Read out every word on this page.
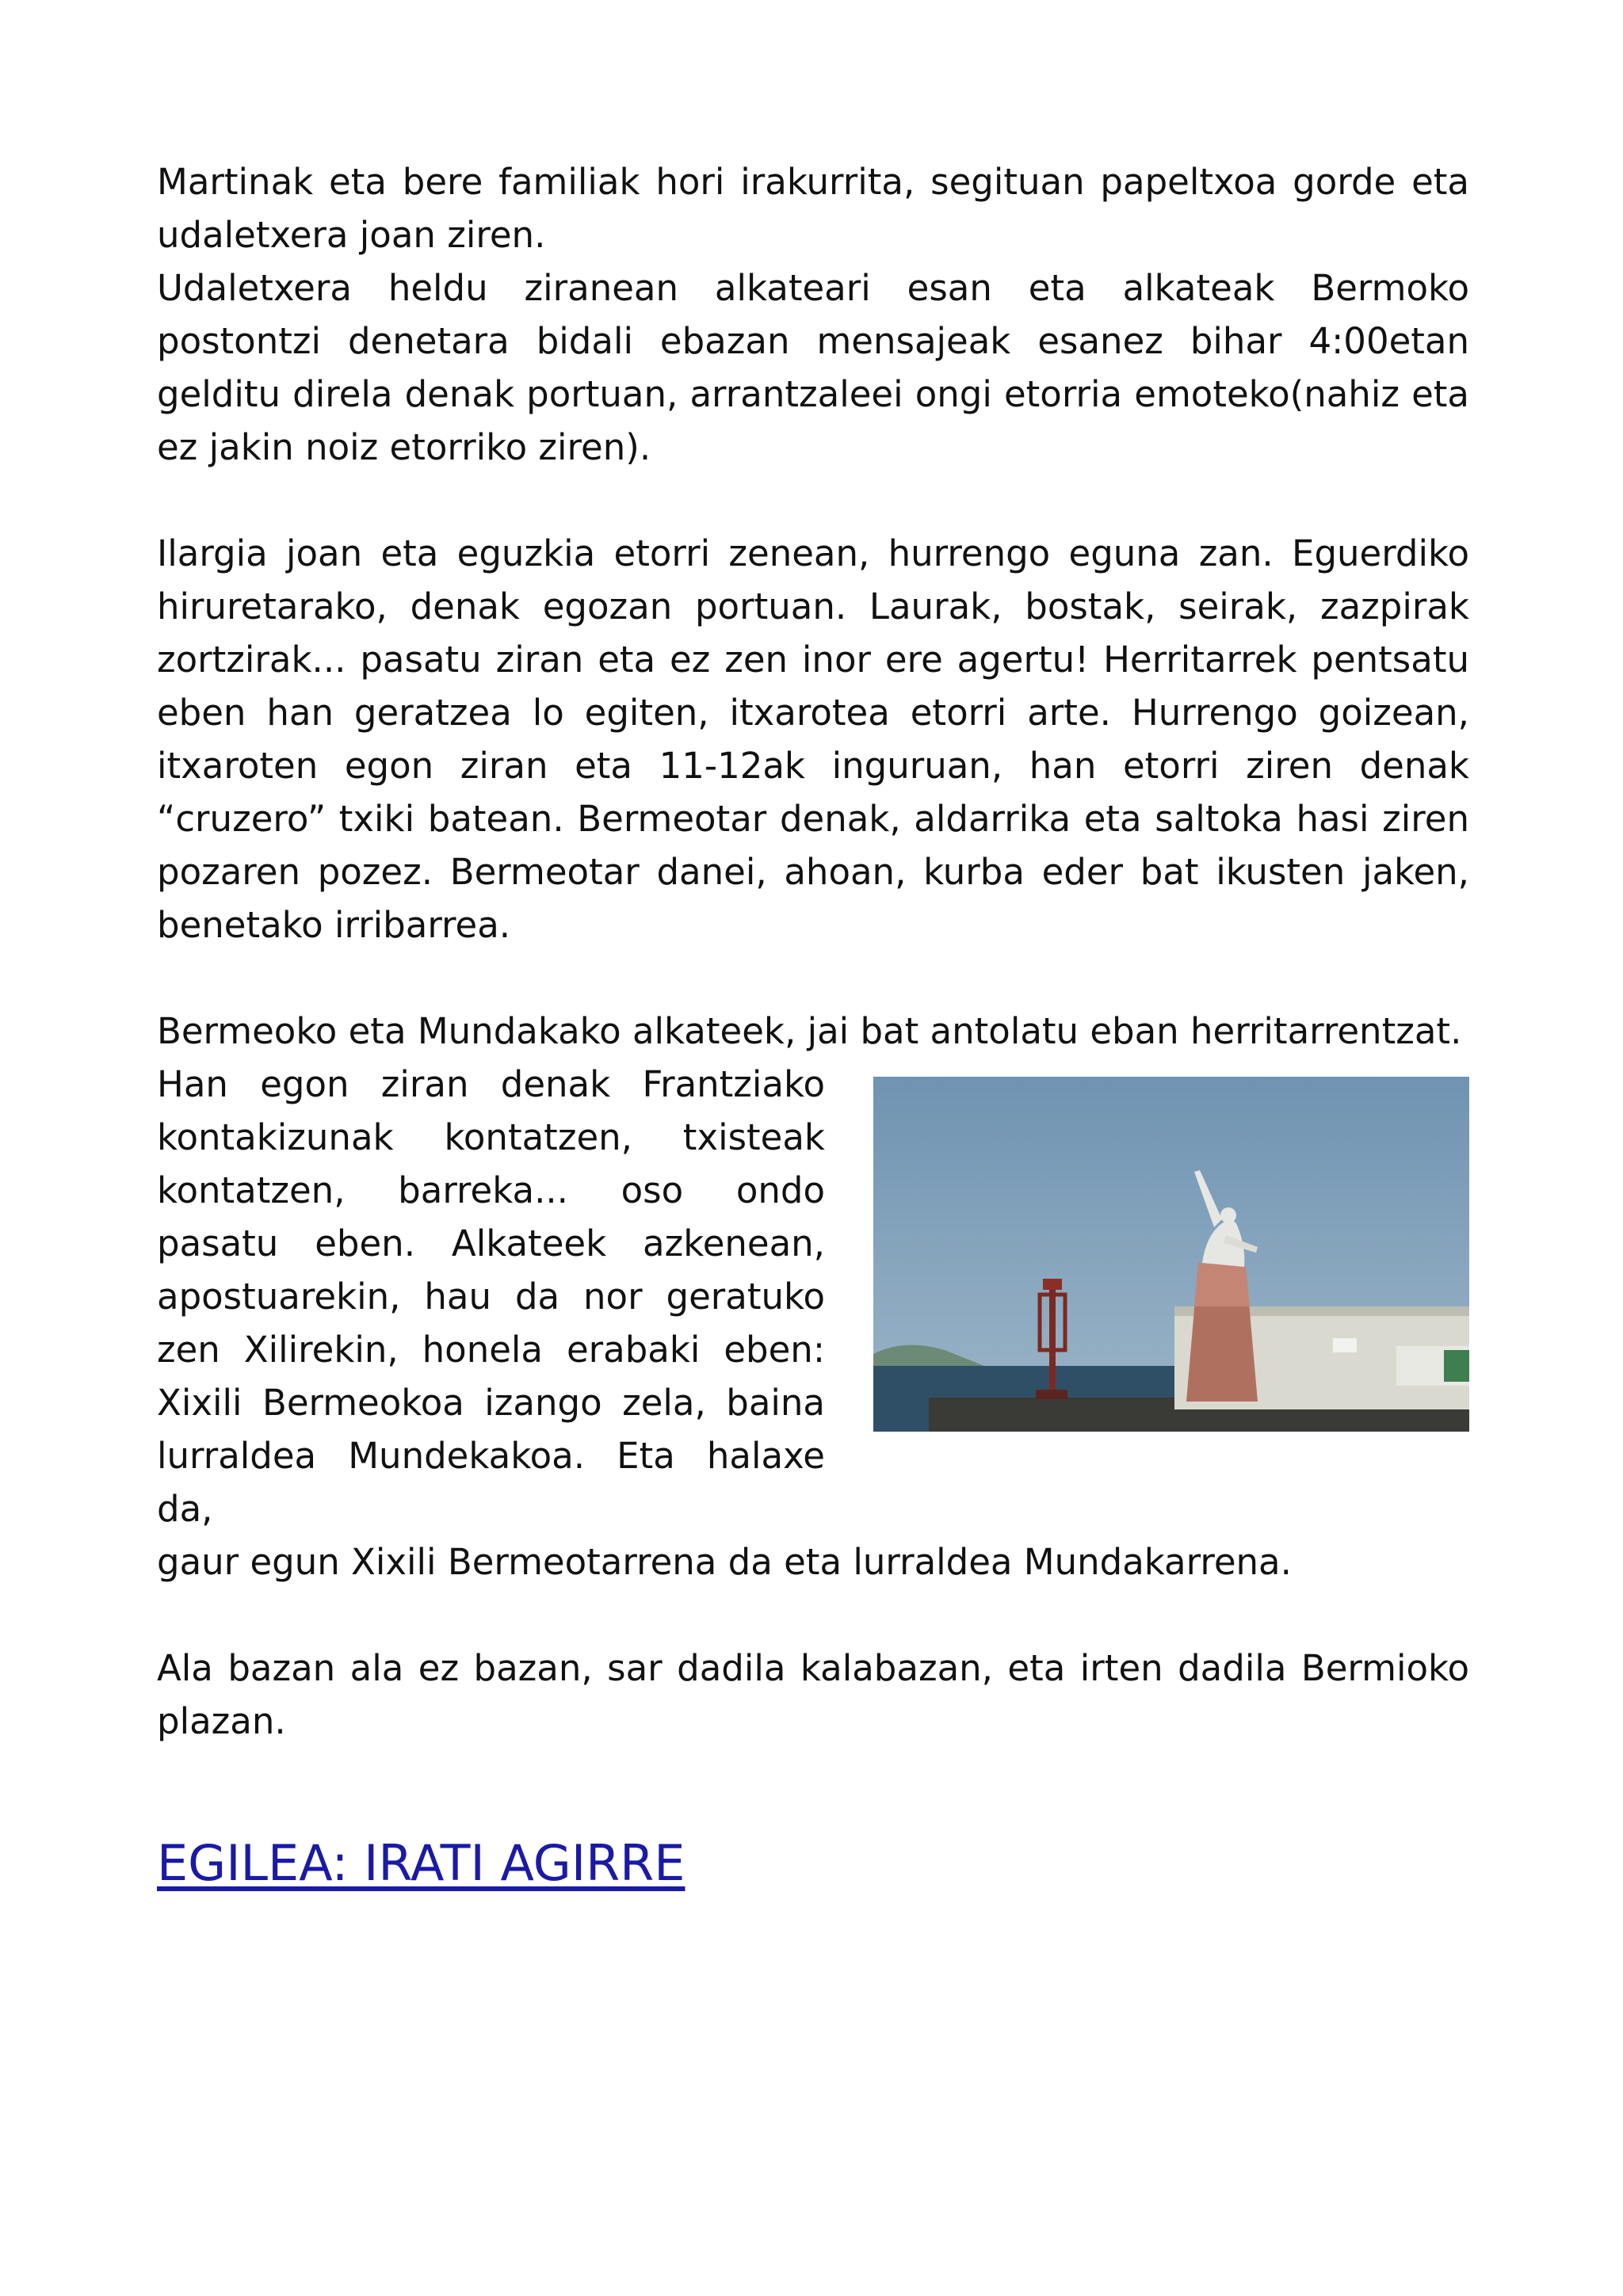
Martinak eta bere familiak hori irakurrita, segituan papeltxoa gorde eta udaletxera joan ziren.

Udaletxera heldu ziranean alkateari esan eta alkateak Bermoko postontzi denetara bidali ebazan mensajeak esanez bihar 4:00etan gelditu direla denak portuan, arrantzaleei ongi etorria emoteko(nahiz eta ez jakin noiz etorriko ziren).

Ilargia joan eta eguzkia etorri zenean, hurrengo eguna zan. Eguerdiko hiruretarako, denak egozan portuan. Laurak, bostak, seirak, zazpirak zortzirak... pasatu ziran eta ez zen inor ere agertu! Herritarrek pentsatu eben han geratzea lo egiten, itxarotea etorri arte. Hurrengo goizean, itxaroten egon ziran eta 11-12ak inguruan, han etorri ziren denak “cruzero” txiki batean. Bermeotar denak, aldarrika eta saltoka hasi ziren pozaren pozez. Bermeotar danei, ahoan, kurba eder bat ikusten jaken, benetako irribarrea.

Bermeoko eta Mundakako alkateek, jai bat antolatu eban herritarrentzat.

Han egon ziran denak Frantziako kontakizunak kontatzen, txisteak kontatzen, barreka... oso ondo pasatu eben. Alkateek azkenean, apostuarekin, hau da nor geratuko zen Xilirekin, honela erabaki eben: Xixili Bermeokoa izango zela, baina lurraldea Mundekakoa. Eta halaxe da,

gaur egun Xixili Bermeotarrena da eta lurraldea Mundakarrena.

Ala bazan ala ez bazan, sar dadila kalabazan, eta irten dadila Bermioko plazan.

EGILEA: IRATI AGIRRE
